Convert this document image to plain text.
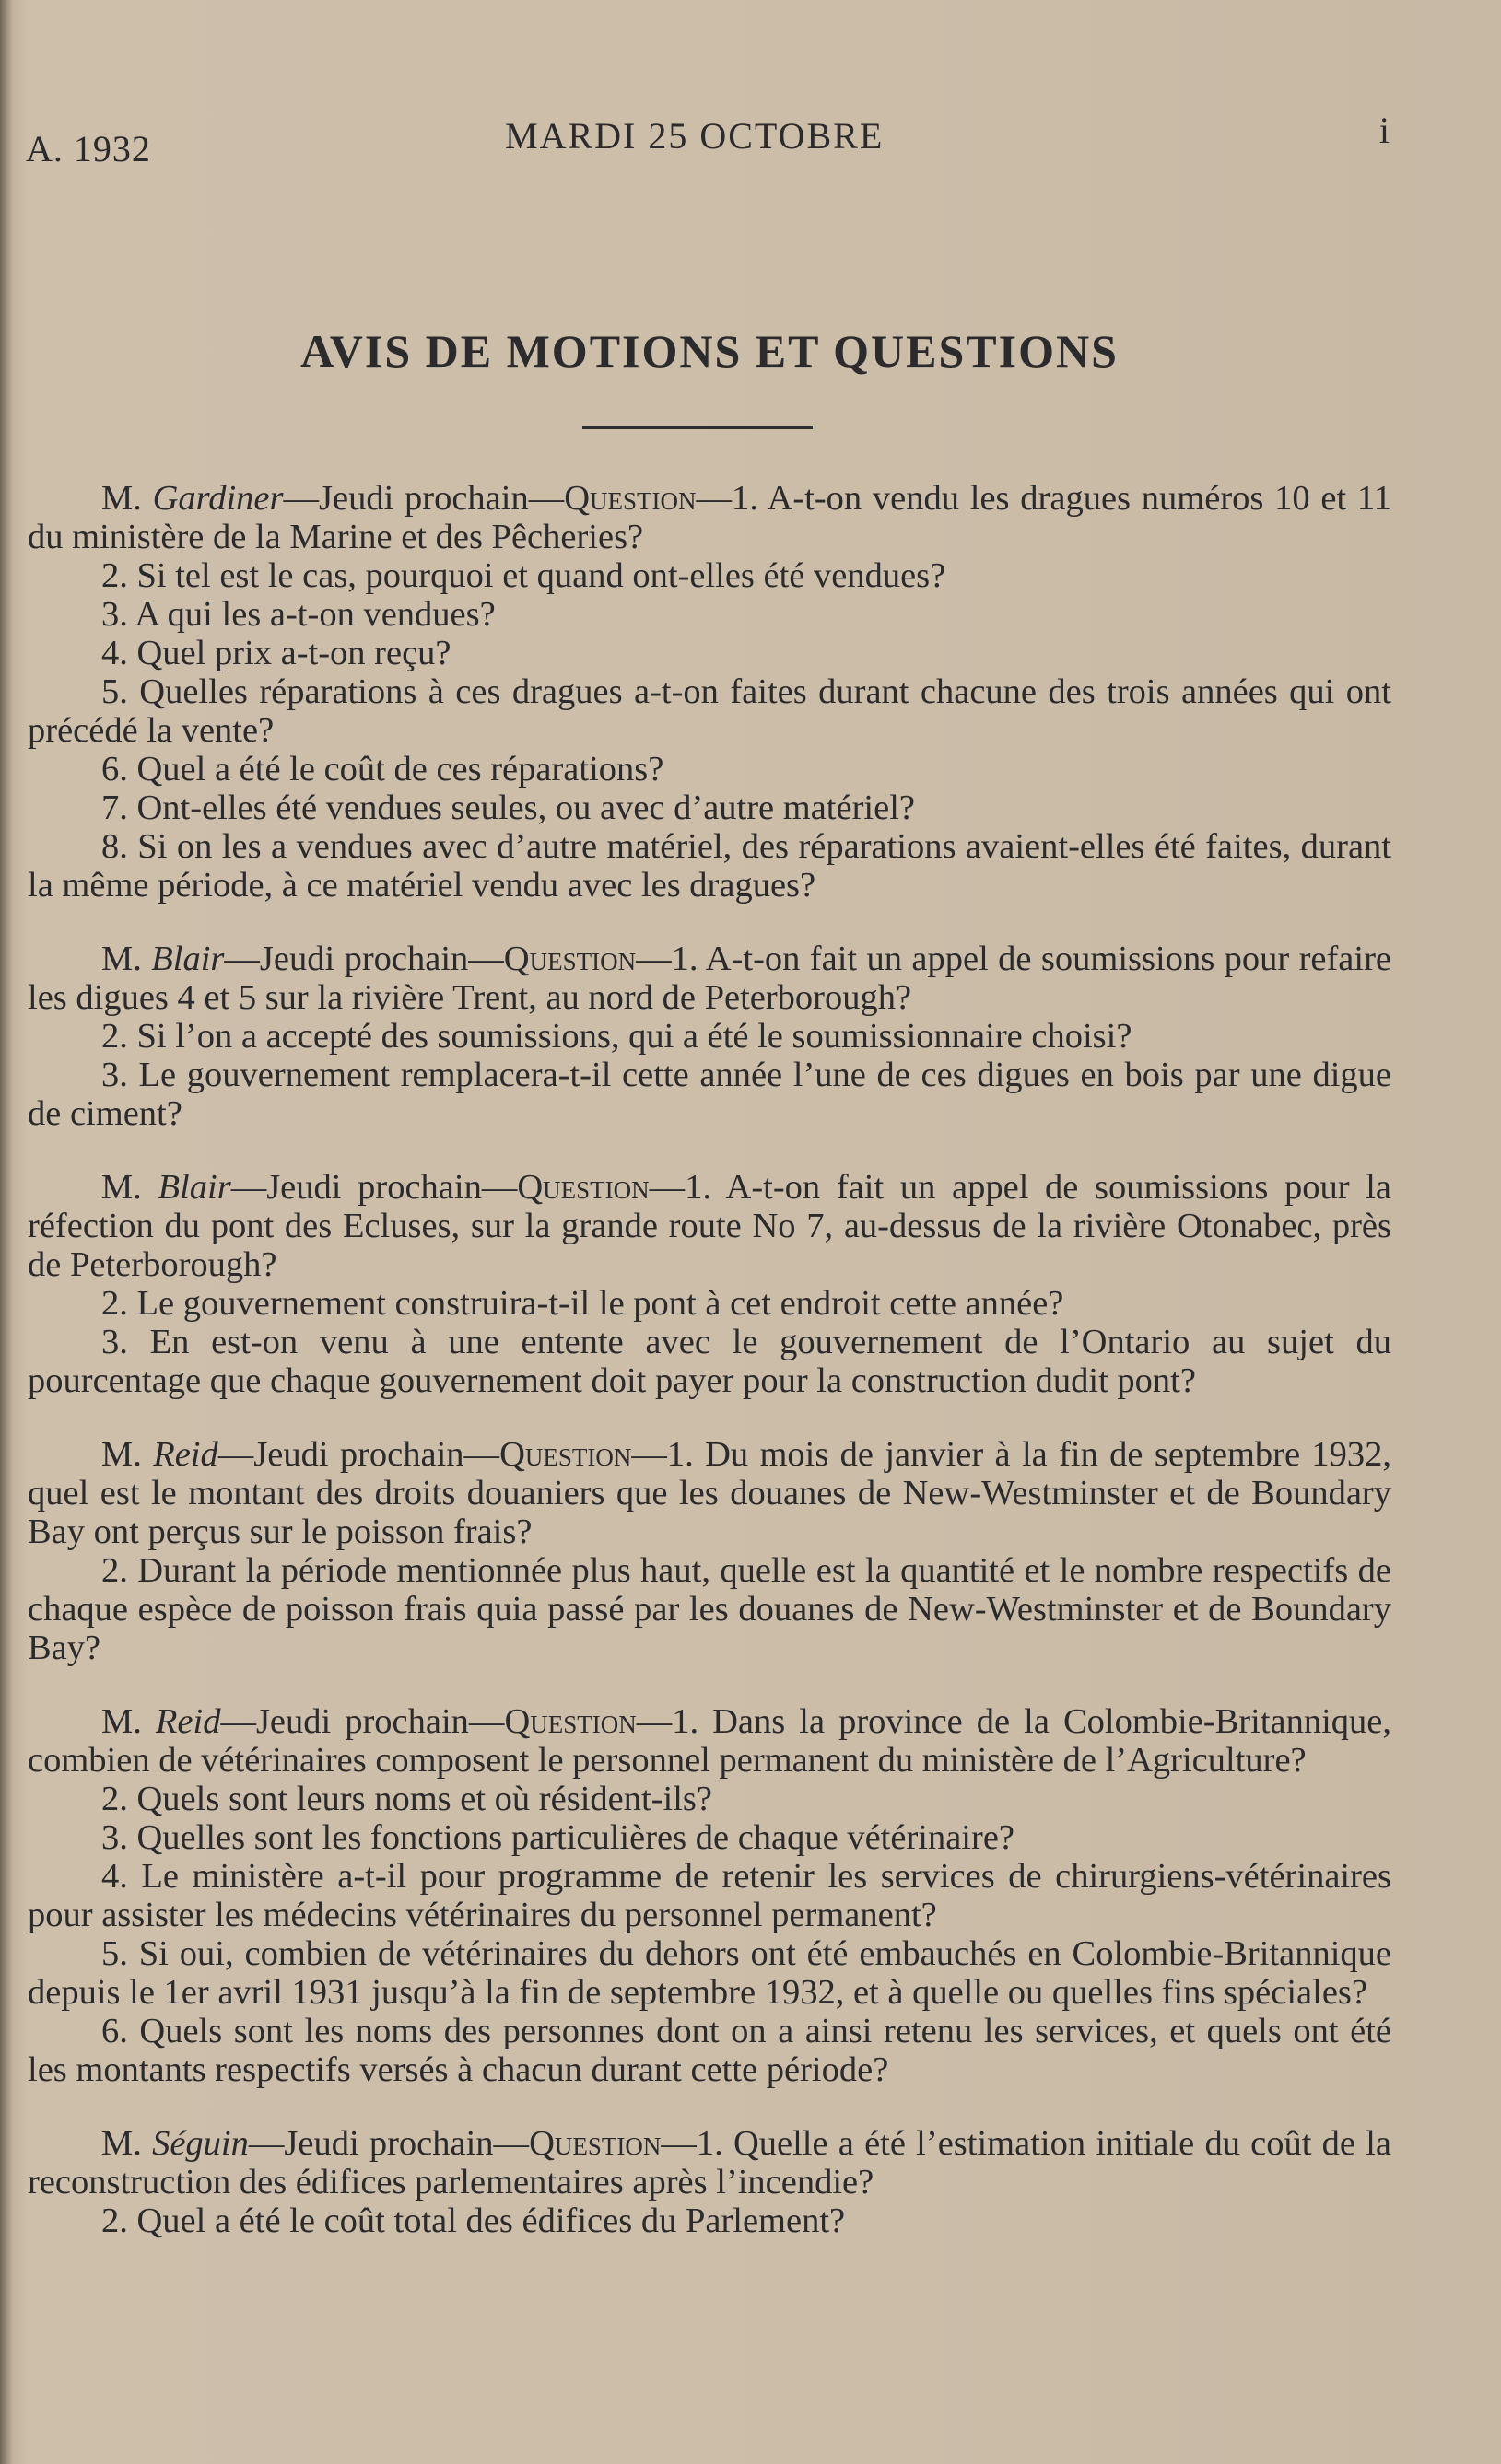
A. 1932	MARDI 25 OCTOBRE	i
AVIS DE MOTIONS ET QUESTIONS

M. Gardiner—Jeudi prochain—Question—1. A-t-on vendu les dragues numéros 10 et 11 du ministère de la Marine et des Pêcheries?

2. Si tel est le cas, pourquoi et quand ont-elles été vendues?

3. A qui les a-t-on vendues?

4. Quel prix a-t-on reçu?

5. Quelles réparations à ces dragues a-t-on faites durant chacune des trois années qui ont précédé la vente?

6. Quel a été le coût de ces réparations?

7. Ont-elles été vendues seules, ou avec d’autre matériel?

8. Si on les a vendues avec d’autre matériel, des réparations avaient-elles été faites, durant la même période, à ce matériel vendu avec les dragues?

M. Blair—Jeudi prochain—Question—1. A-t-on fait un appel de soumissions pour refaire les digues 4 et 5 sur la rivière Trent, au nord de Peterborough?

2. Si l’on a accepté des soumissions, qui a été le soumissionnaire choisi?

3. Le gouvernement remplacera-t-il cette année l’une de ces digues en bois par une digue de ciment?

M. Blair—Jeudi prochain—Question—1. A-t-on fait un appel de soumissions pour la réfection du pont des Ecluses, sur la grande route No 7, au-dessus de la rivière Otonabec, près de Peterborough?

2. Le gouvernement construira-t-il le pont à cet endroit cette année?

3. En est-on venu à une entente avec le gouvernement de l’Ontario au sujet du pourcentage que chaque gouvernement doit payer pour la construction dudit pont?

M. Reid—Jeudi prochain—Question—1. Du mois de janvier à la fin de septembre 1932, quel est le montant des droits douaniers que les douanes de New-Westminster et de Boundary Bay ont perçus sur le poisson frais?

2. Durant la période mentionnée plus haut, quelle est la quantité et le nombre respectifs de chaque espèce de poisson frais quia passé par les douanes de New-Westminster et de Boundary Bay?

M. Reid—Jeudi prochain—Question—1. Dans la province de la Colombie-Britannique, combien de vétérinaires composent le personnel permanent du ministère de l’Agriculture?

2. Quels sont leurs noms et où résident-ils?

3. Quelles sont les fonctions particulières de chaque vétérinaire?

4. Le ministère a-t-il pour programme de retenir les services de chirurgiens-vétérinaires pour assister les médecins vétérinaires du personnel permanent?

5. Si oui, combien de vétérinaires du dehors ont été embauchés en Colombie-Britannique depuis le 1er avril 1931 jusqu’à la fin de septembre 1932, et à quelle ou quelles fins spéciales?

6. Quels sont les noms des personnes dont on a ainsi retenu les services, et quels ont été les montants respectifs versés à chacun durant cette période?

M. Séguin—Jeudi prochain—Question—1. Quelle a été l’estimation initiale du coût de la reconstruction des édifices parlementaires après l’incendie?

2. Quel a été le coût total des édifices du Parlement?
